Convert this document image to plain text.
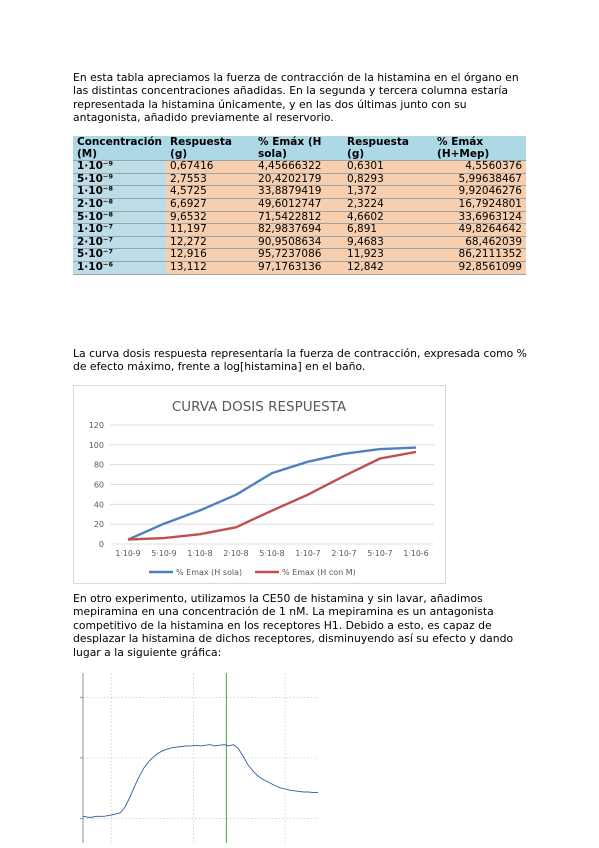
En esta tabla apreciamos la fuerza de contracción de la histamina en el órgano en las distintas concentraciones añadidas. En la segunda y tercera columna estaría representada la histamina únicamente, y en las dos últimas junto con su antagonista, añadido previamente al reservorio.

Concentración (M)	Respuesta (g)	% Emáx (H sola)	Respuesta (g)	% Emáx (H+Mep)
1·10⁻⁹	0,67416	4,45666322	0,6301	4,5560376
5·10⁻⁹	2,7553	20,4202179	0,8293	5,99638467
1·10⁻⁸	4,5725	33,8879419	1,372	9,92046276
2·10⁻⁸	6,6927	49,6012747	2,3224	16,7924801
5·10⁻⁸	9,6532	71,5422812	4,6602	33,6963124
1·10⁻⁷	11,197	82,9837694	6,891	49,8264642
2·10⁻⁷	12,272	90,9508634	9,4683	68,462039
5·10⁻⁷	12,916	95,7237086	11,923	86,2111352
1·10⁻⁶	13,112	97,1763136	12,842	92,8561099

La curva dosis respuesta representaría la fuerza de contracción, expresada como % de efecto máximo, frente a log[histamina] en el baño.

CURVA DOSIS RESPUESTA
0
20
40
60
80
100
120
1·10-9 5·10-9 1·10-8 2·10-8 5·10-8 1·10-7 2·10-7 5·10-7 1·10-6
% Emax (H sola)	% Emax (H con M)

En otro experimento, utilizamos la CE50 de histamina y sin lavar, añadimos mepiramina en una concentración de 1 nM. La mepiramina es un antagonista competitivo de la histamina en los receptores H1. Debido a esto, es capaz de desplazar la histamina de dichos receptores, disminuyendo así su efecto y dando lugar a la siguiente gráfica:
